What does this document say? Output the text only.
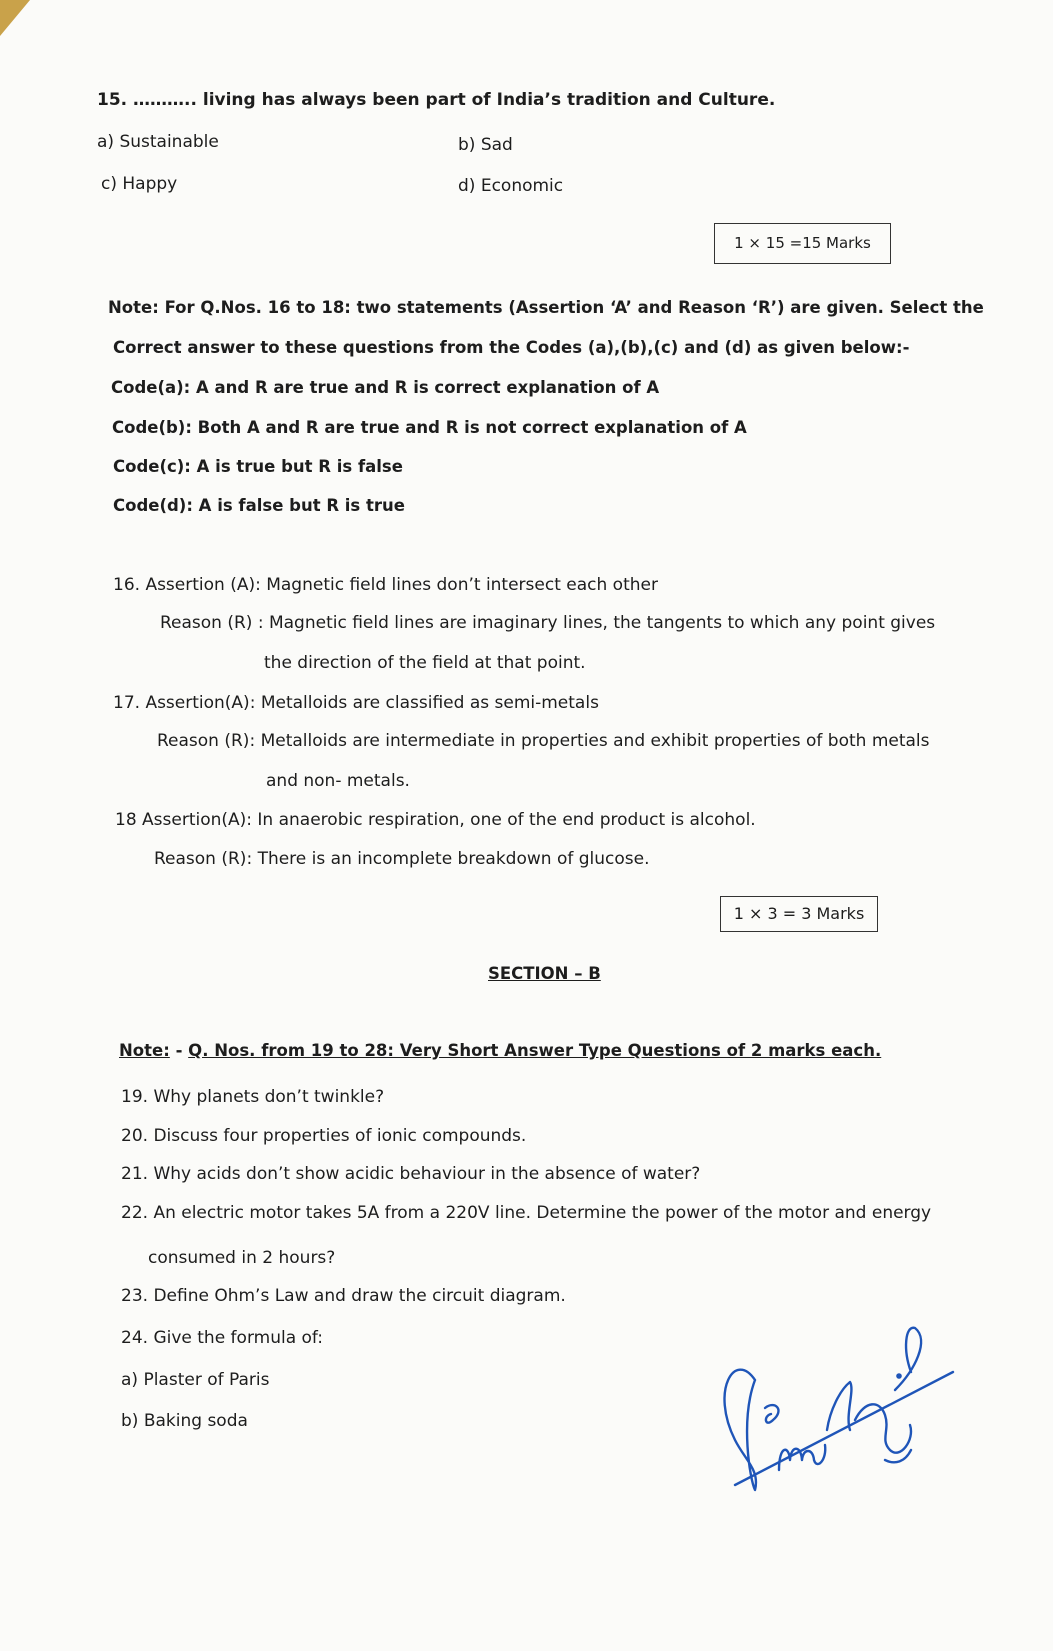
15. ……….. living has always been part of India’s tradition and Culture.
a) Sustainable	b) Sad
c) Happy	d) Economic
1 × 15 =15 Marks
Note: For Q.Nos. 16 to 18: two statements (Assertion ‘A’ and Reason ‘R’) are given. Select the
Correct answer to these questions from the Codes (a),(b),(c) and (d) as given below:-
Code(a): A and R are true and R is correct explanation of A
Code(b): Both A and R are true and R is not correct explanation of A
Code(c): A is true but R is false
Code(d): A is false but R is true
16. Assertion (A): Magnetic field lines don’t intersect each other
Reason (R) : Magnetic field lines are imaginary lines, the tangents to which any point gives
the direction of the field at that point.
17. Assertion(A): Metalloids are classified as semi-metals
Reason (R): Metalloids are intermediate in properties and exhibit properties of both metals
and non- metals.
18 Assertion(A): In anaerobic respiration, one of the end product is alcohol.
Reason (R): There is an incomplete breakdown of glucose.
1 × 3 = 3 Marks
SECTION – B
Note: - Q. Nos. from 19 to 28: Very Short Answer Type Questions of 2 marks each.
19. Why planets don’t twinkle?
20. Discuss four properties of ionic compounds.
21. Why acids don’t show acidic behaviour in the absence of water?
22. An electric motor takes 5A from a 220V line. Determine the power of the motor and energy
consumed in 2 hours?
23. Define Ohm’s Law and draw the circuit diagram.
24. Give the formula of:
a) Plaster of Paris
b) Baking soda
